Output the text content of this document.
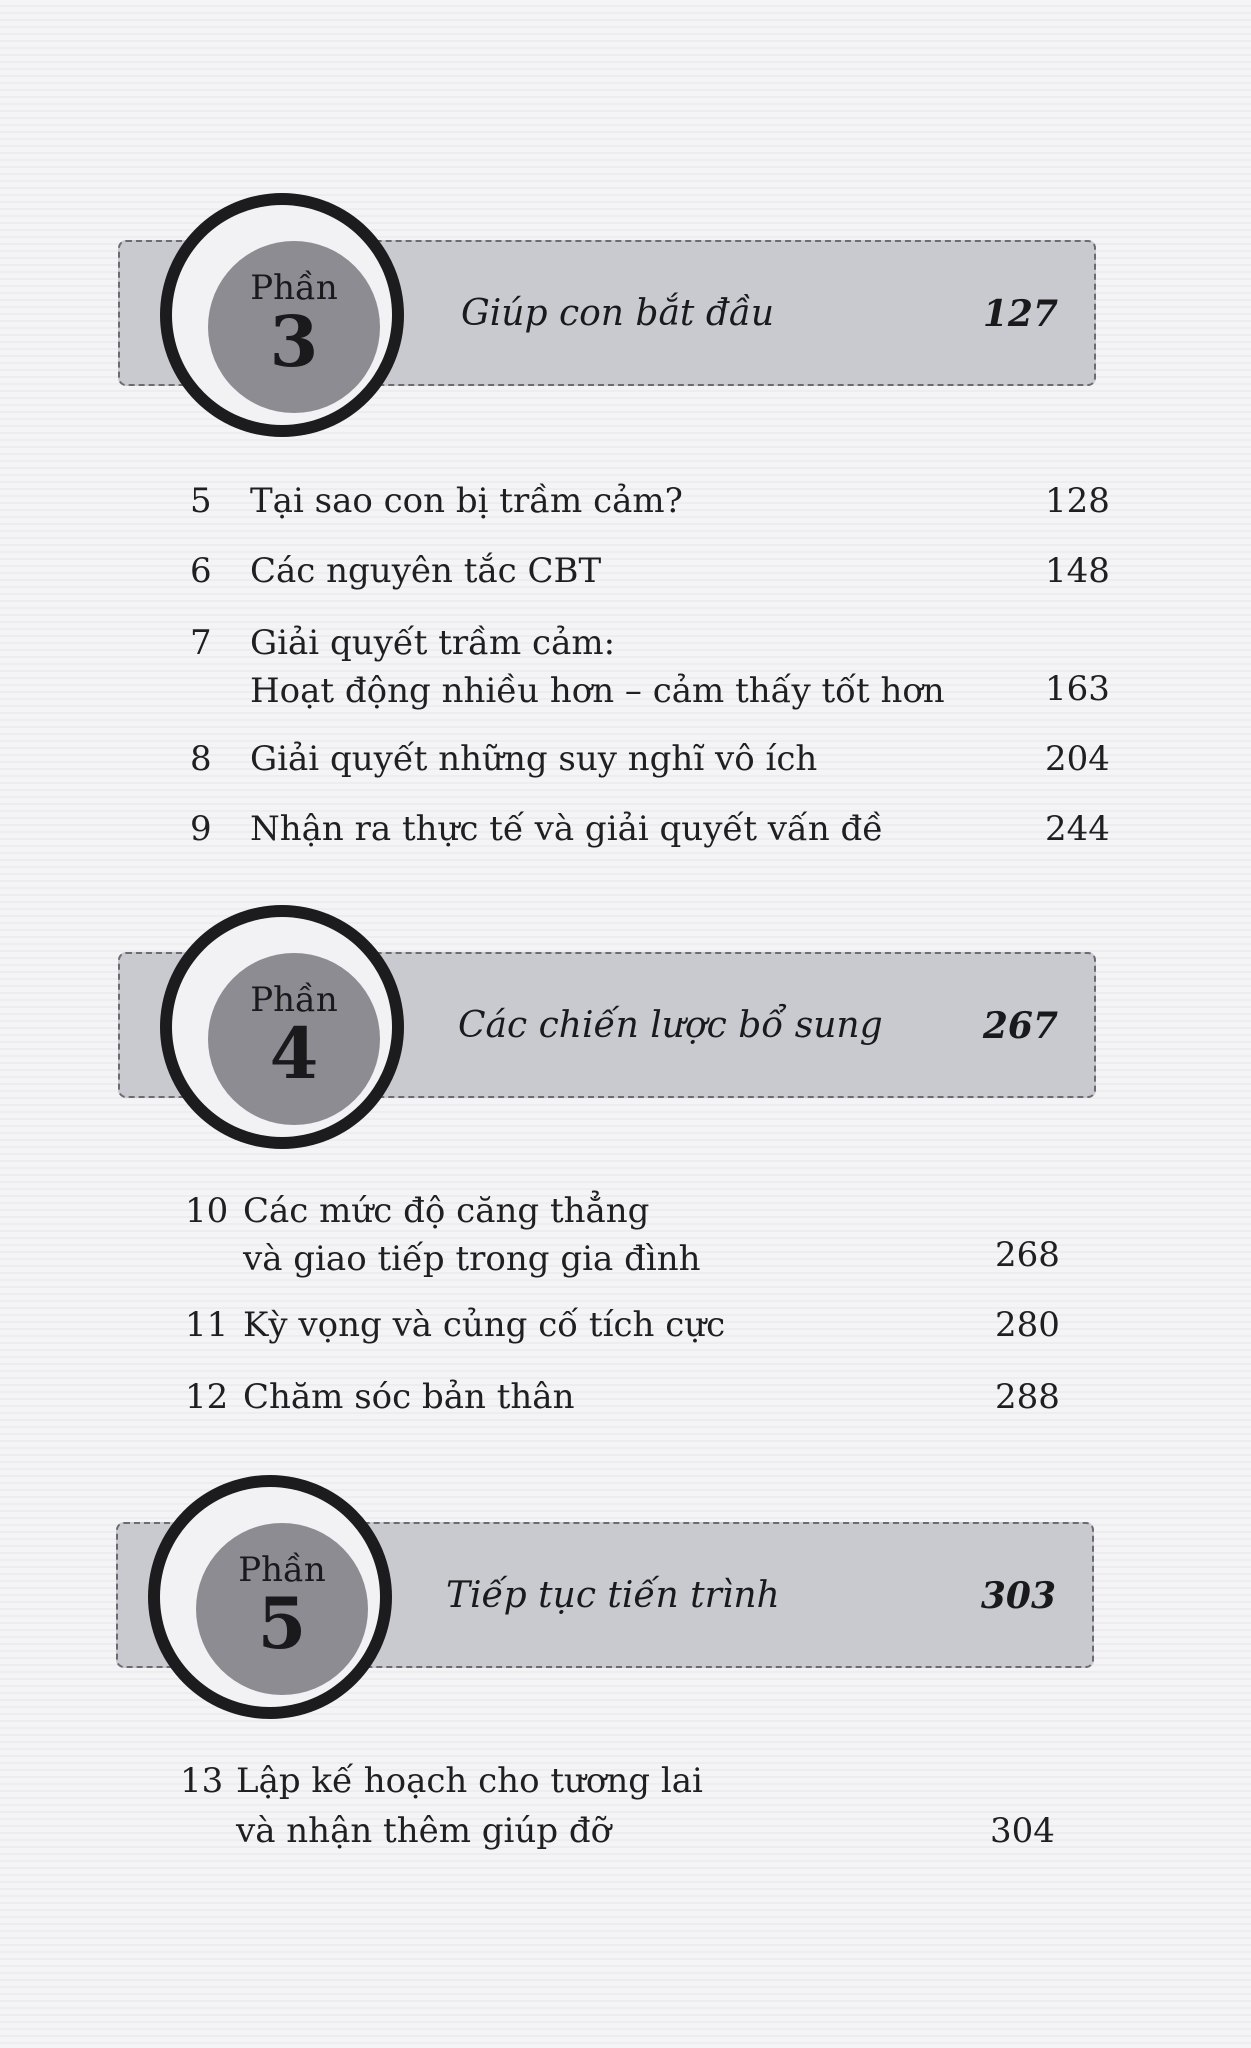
Phần
3	Giúp con bắt đầu	127
5 Tại sao con bị trầm cảm?	128
6 Các nguyên tắc CBT	148
7 Giải quyết trầm cảm:
Hoạt động nhiều hơn – cảm thấy tốt hơn	163
8 Giải quyết những suy nghĩ vô ích	204
9 Nhận ra thực tế và giải quyết vấn đề	244
Phần
4	Các chiến lược bổ sung	267
10 Các mức độ căng thẳng
và giao tiếp trong gia đình	268
11 Kỳ vọng và củng cố tích cực	280
12 Chăm sóc bản thân	288
Phần
5	Tiếp tục tiến trình	303
13 Lập kế hoạch cho tương lai
và nhận thêm giúp đỡ	304
